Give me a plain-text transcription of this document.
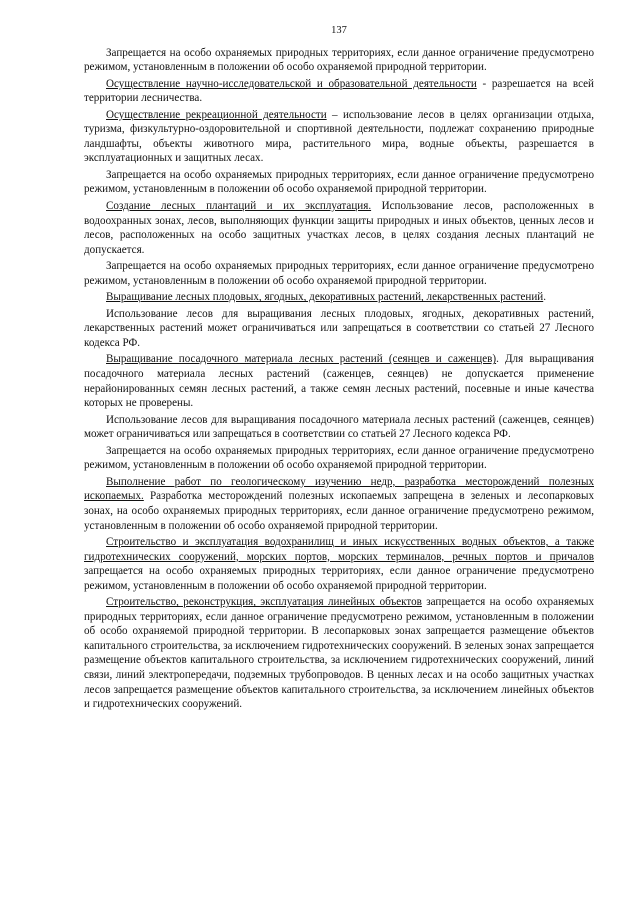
137

Запрещается на особо охраняемых природных территориях, если данное ограничение предусмотрено режимом, установленным в положении об особо охраняемой природной территории.

Осуществление научно-исследовательской и образовательной деятельности - разрешается на всей территории лесничества.

Осуществление рекреационной деятельности – использование лесов в целях организации отдыха, туризма, физкультурно-оздоровительной и спортивной деятельности, подлежат сохранению природные ландшафты, объекты животного мира, растительного мира, водные объекты, разрешается в эксплуатационных и защитных лесах.

Запрещается на особо охраняемых природных территориях, если данное ограничение предусмотрено режимом, установленным в положении об особо охраняемой природной территории.

Создание лесных плантаций и их эксплуатация. Использование лесов, расположенных в водоохранных зонах, лесов, выполняющих функции защиты природных и иных объектов, ценных лесов и лесов, расположенных на особо защитных участках лесов, в целях создания лесных плантаций не допускается.

Запрещается на особо охраняемых природных территориях, если данное ограничение предусмотрено режимом, установленным в положении об особо охраняемой природной территории.

Выращивание лесных плодовых, ягодных, декоративных растений, лекарственных растений.

Использование лесов для выращивания лесных плодовых, ягодных, декоративных растений, лекарственных растений может ограничиваться или запрещаться в соответствии со статьей 27 Лесного кодекса РФ.

Выращивание посадочного материала лесных растений (сеянцев и саженцев). Для выращивания посадочного материала лесных растений (саженцев, сеянцев) не допускается применение нерайонированных семян лесных растений, а также семян лесных растений, посевные и иные качества которых не проверены.

Использование лесов для выращивания посадочного материала лесных растений (саженцев, сеянцев) может ограничиваться или запрещаться в соответствии со статьей 27 Лесного кодекса РФ.

Запрещается на особо охраняемых природных территориях, если данное ограничение предусмотрено режимом, установленным в положении об особо охраняемой природной территории.

Выполнение работ по геологическому изучению недр, разработка месторождений полезных ископаемых. Разработка месторождений полезных ископаемых запрещена в зеленых и лесопарковых зонах, на особо охраняемых природных территориях, если данное ограничение предусмотрено режимом, установленным в положении об особо охраняемой природной территории.

Строительство и эксплуатация водохранилищ и иных искусственных водных объектов, а также гидротехнических сооружений, морских портов, морских терминалов, речных портов и причалов запрещается на особо охраняемых природных территориях, если данное ограничение предусмотрено режимом, установленным в положении об особо охраняемой природной территории.

Строительство, реконструкция, эксплуатация линейных объектов запрещается на особо охраняемых природных территориях, если данное ограничение предусмотрено режимом, установленным в положении об особо охраняемой природной территории. В лесопарковых зонах запрещается размещение объектов капитального строительства, за исключением гидротехнических сооружений. В зеленых зонах запрещается размещение объектов капитального строительства, за исключением гидротехнических сооружений, линий связи, линий электропередачи, подземных трубопроводов. В ценных лесах и на особо защитных участках лесов запрещается размещение объектов капитального строительства, за исключением линейных объектов и гидротехнических сооружений.
